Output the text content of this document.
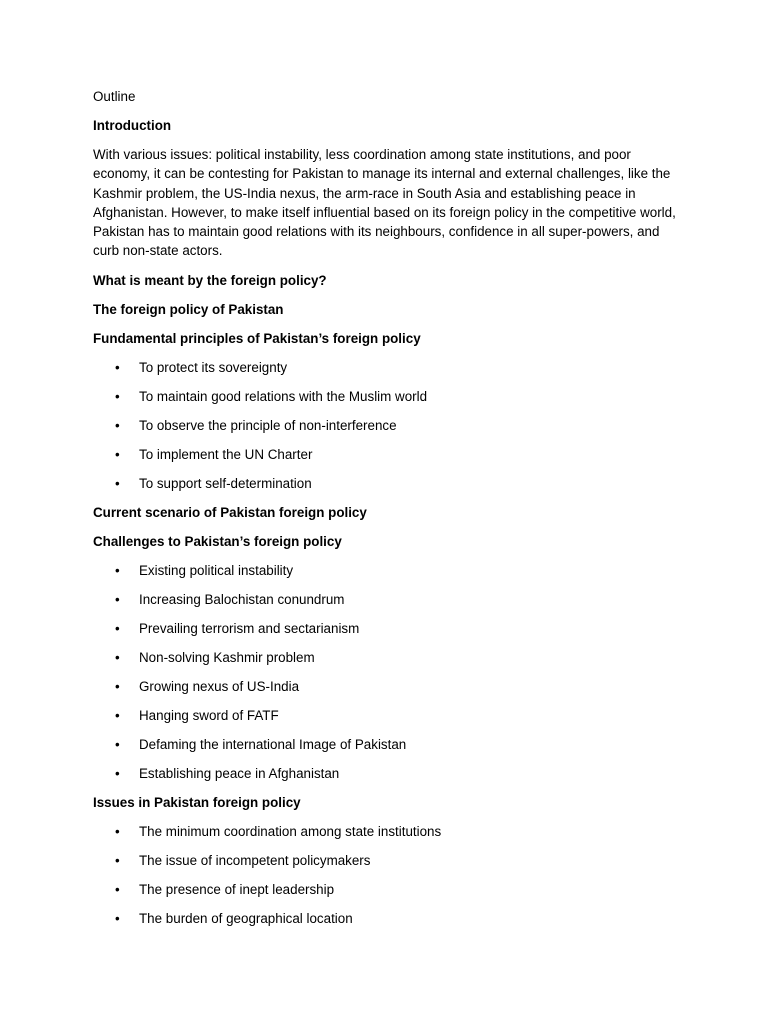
Outline

Introduction

With various issues: political instability, less coordination among state institutions, and poor economy, it can be contesting for Pakistan to manage its internal and external challenges, like the Kashmir problem, the US-India nexus, the arm-race in South Asia and establishing peace in Afghanistan. However, to make itself influential based on its foreign policy in the competitive world, Pakistan has to maintain good relations with its neighbours, confidence in all super-powers, and curb non-state actors.

What is meant by the foreign policy?

The foreign policy of Pakistan

Fundamental principles of Pakistan’s foreign policy

• To protect its sovereignty
• To maintain good relations with the Muslim world
• To observe the principle of non-interference
• To implement the UN Charter
• To support self-determination

Current scenario of Pakistan foreign policy

Challenges to Pakistan’s foreign policy

• Existing political instability
• Increasing Balochistan conundrum
• Prevailing terrorism and sectarianism
• Non-solving Kashmir problem
• Growing nexus of US-India
• Hanging sword of FATF
• Defaming the international Image of Pakistan
• Establishing peace in Afghanistan

Issues in Pakistan foreign policy

• The minimum coordination among state institutions
• The issue of incompetent policymakers
• The presence of inept leadership
• The burden of geographical location
